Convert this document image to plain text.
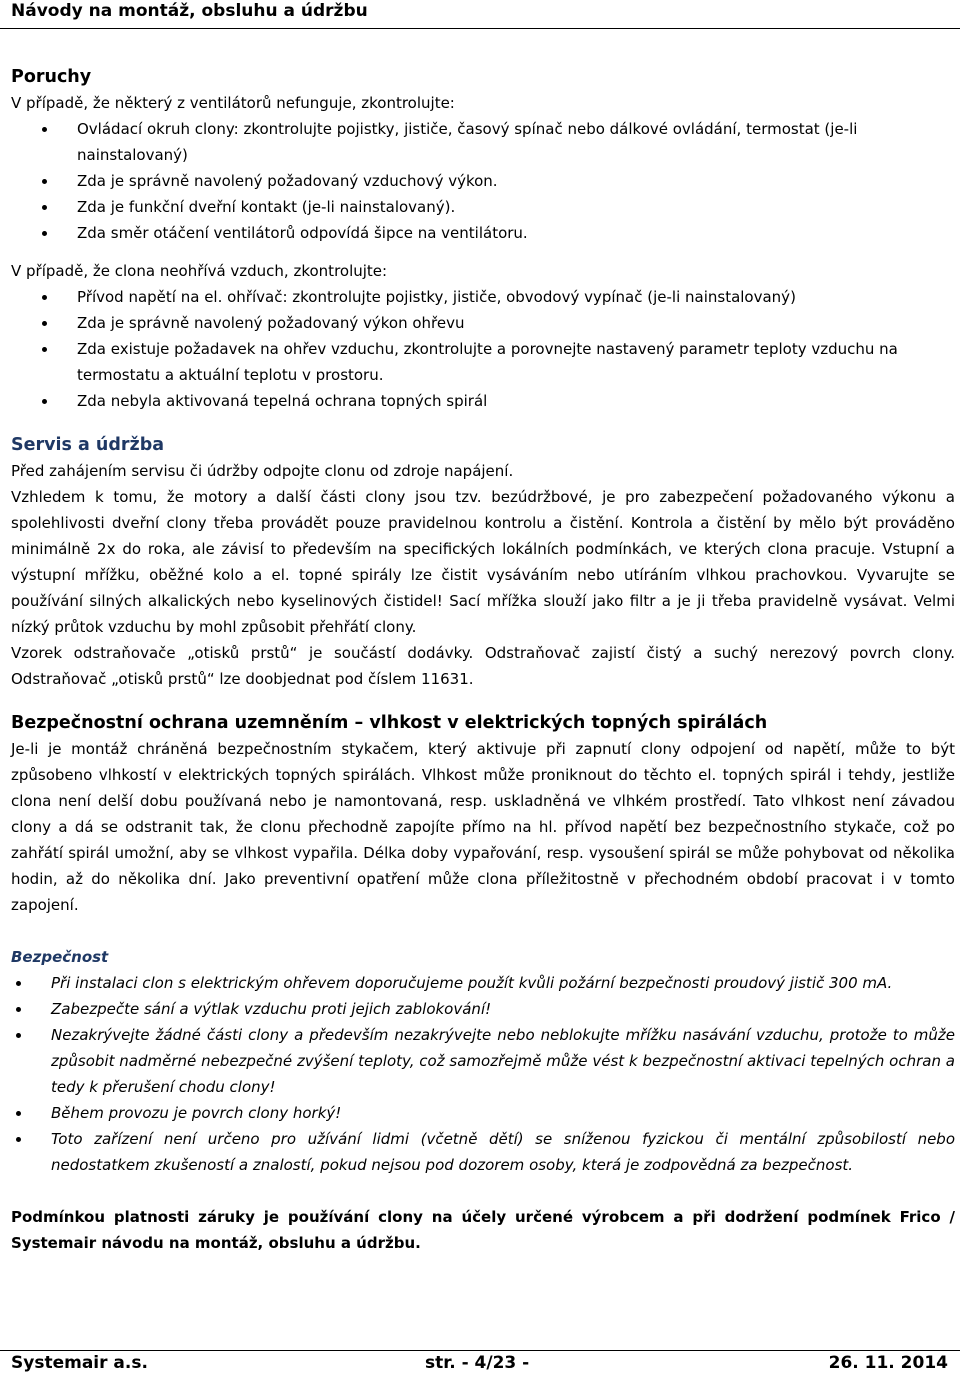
Návody na montáž, obsluhu a údržbu
Poruchy

V případě, že některý z ventilátorů nefunguje, zkontrolujte:

Ovládací okruh clony: zkontrolujte pojistky, jističe, časový spínač nebo dálkové ovládání, termostat (je-li nainstalovaný)
Zda je správně navolený požadovaný vzduchový výkon.
Zda je funkční dveřní kontakt (je-li nainstalovaný).
Zda směr otáčení ventilátorů odpovídá šipce na ventilátoru.

V případě, že clona neohřívá vzduch, zkontrolujte:

Přívod napětí na el. ohřívač: zkontrolujte pojistky, jističe, obvodový vypínač (je-li nainstalovaný)
Zda je správně navolený požadovaný výkon ohřevu
Zda existuje požadavek na ohřev vzduchu, zkontrolujte a porovnejte nastavený parametr teploty vzduchu na termostatu a aktuální teplotu v prostoru.
Zda nebyla aktivovaná tepelná ochrana topných spirál
Servis a údržba

Před zahájením servisu či údržby odpojte clonu od zdroje napájení.

Vzhledem k tomu, že motory a další části clony jsou tzv. bezúdržbové, je pro zabezpečení požadovaného výkonu a spolehlivosti dveřní clony třeba provádět pouze pravidelnou kontrolu a čistění. Kontrola a čistění by mělo být prováděno minimálně 2x do roka, ale závisí to především na specifických lokálních podmínkách, ve kterých clona pracuje. Vstupní a výstupní mřížku, oběžné kolo a el. topné spirály lze čistit vysáváním nebo utíráním vlhkou prachovkou. Vyvarujte se používání silných alkalických nebo kyselinových čistidel! Sací mřížka slouží jako filtr a je ji třeba pravidelně vysávat. Velmi nízký průtok vzduchu by mohl způsobit přehřátí clony.

Vzorek odstraňovače „otisků prstů“ je součástí dodávky. Odstraňovač zajistí čistý a suchý nerezový povrch clony. Odstraňovač „otisků prstů“ lze doobjednat pod číslem 11631.

Bezpečnostní ochrana uzemněním – vlhkost v elektrických topných spirálách

Je-li je montáž chráněná bezpečnostním stykačem, který aktivuje při zapnutí clony odpojení od napětí, může to být způsobeno vlhkostí v elektrických topných spirálách. Vlhkost může proniknout do těchto el. topných spirál i tehdy, jestliže clona není delší dobu používaná nebo je namontovaná, resp. uskladněná ve vlhkém prostředí. Tato vlhkost není závadou clony a dá se odstranit tak, že clonu přechodně zapojíte přímo na hl. přívod napětí bez bezpečnostního stykače, což po zahřátí spirál umožní, aby se vlhkost vypařila. Délka doby vypařování, resp. vysoušení spirál se může pohybovat od několika hodin, až do několika dní. Jako preventivní opatření může clona příležitostně v přechodném období pracovat i v tomto zapojení.

Bezpečnost
Při instalaci clon s elektrickým ohřevem doporučujeme použít kvůli požární bezpečnosti proudový jistič 300 mA.
Zabezpečte sání a výtlak vzduchu proti jejich zablokování!
Nezakrývejte žádné části clony a především nezakrývejte nebo neblokujte mřížku nasávání vzduchu, protože to může způsobit nadměrné nebezpečné zvýšení teploty, což samozřejmě může vést k bezpečnostní aktivaci tepelných ochran a tedy k přerušení chodu clony!
Během provozu je povrch clony horký!
Toto zařízení není určeno pro užívání lidmi (včetně dětí) se sníženou fyzickou či mentální způsobilostí nebo nedostatkem zkušeností a znalostí, pokud nejsou pod dozorem osoby, která je zodpovědná za bezpečnost.

Podmínkou platnosti záruky je používání clony na účely určené výrobcem a při dodržení podmínek Frico / Systemair návodu na montáž, obsluhu a údržbu.

Systemair a.s.	str. - 4/23 -	26. 11. 2014
